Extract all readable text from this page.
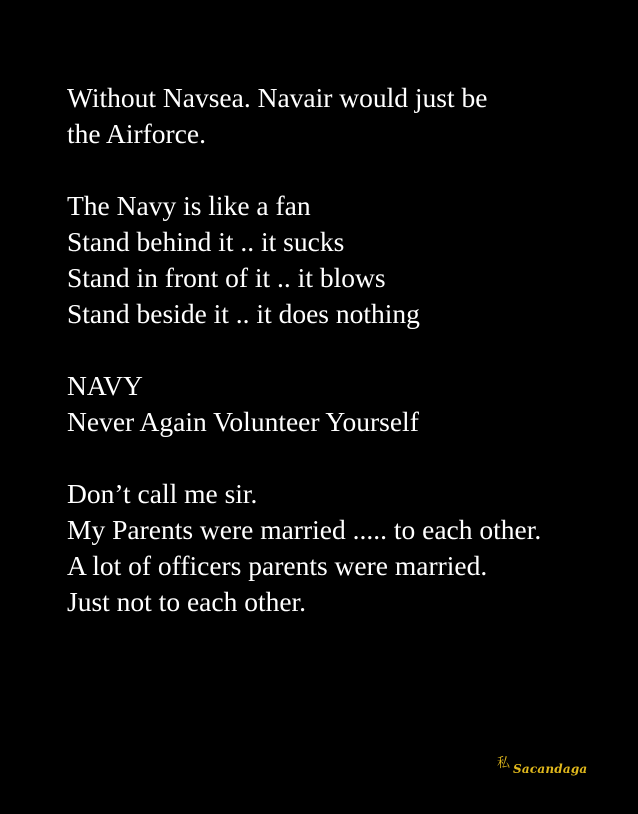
Without Navsea. Navair would just be
the Airforce.
The Navy is like a fan
Stand behind it .. it sucks
Stand in front of it .. it blows
Stand beside it .. it does nothing
NAVY
Never Again Volunteer Yourself
Don’t call me sir.
My Parents were married ..... to each other.
A lot of officers parents were married.
Just not to each other.
私 Sacandaga
